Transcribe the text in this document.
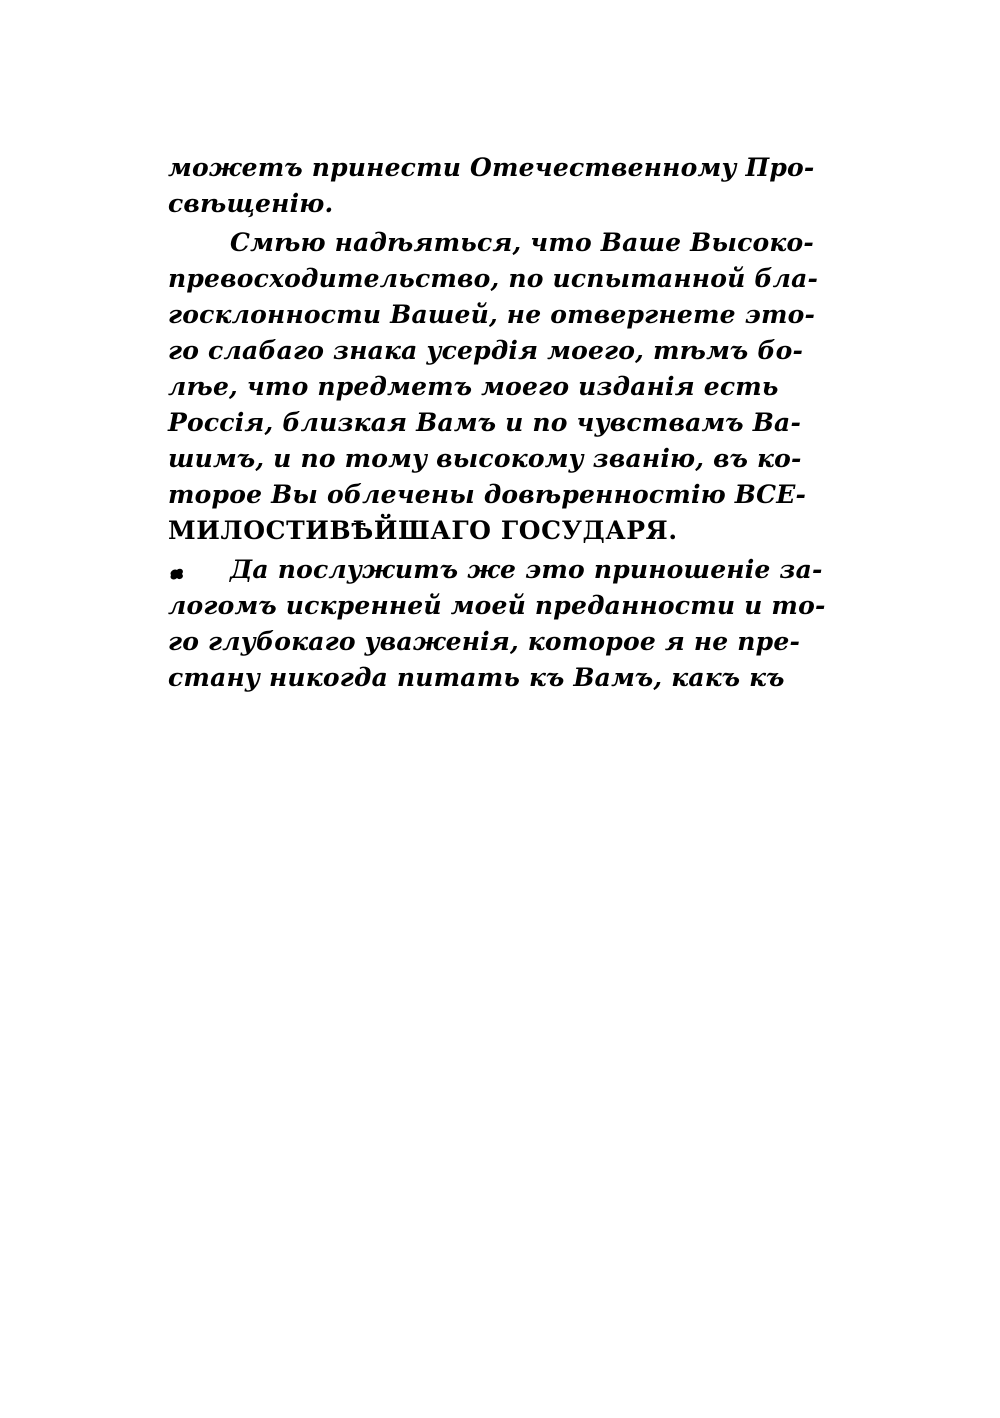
можетъ принести Отечественному Про-
свѣщенію.
Смѣю надѣяться, что Ваше Высоко-
превосходительство, по испытанной бла-
госклонности Вашей, не отвергнете это-
го слабаго знака усердія моего, тѣмъ бо-
лѣе, что предметъ моего изданія есть
Россія, близкая Вамъ и по чувствамъ Ва-
шимъ, и по тому высокому званію, въ ко-
торое Вы облечены довѣренностію ВСЕ-
МИЛОСТИВѢЙШАГО ГОСУДАРЯ.
Да послужитъ же это приношеніе за-
логомъ искренней моей преданности и то-
го глубокаго уваженія, которое я не пре-
стану никогда питать къ Вамъ, какъ къ
